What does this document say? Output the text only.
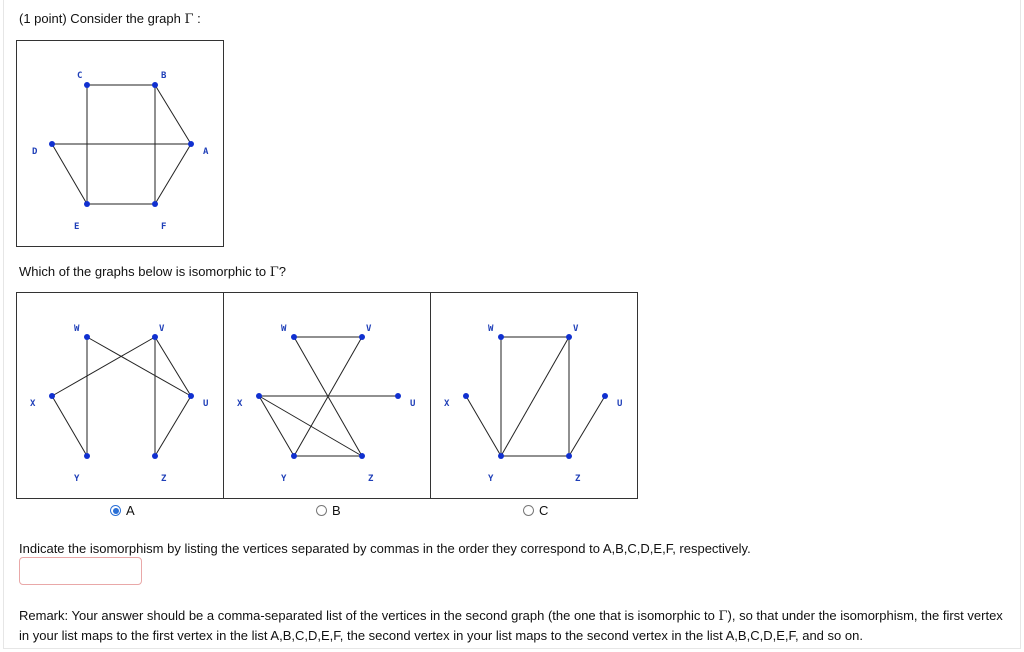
(1 point) Consider the graph Γ :
C	B
D	A
E	F
Which of the graphs below is isomorphic to Γ?
W	V
X	U
Y	Z
W	V
X	U
Y	Z
W	V
X	U
Y	Z
A	B	C
Indicate the isomorphism by listing the vertices separated by commas in the order they correspond to A,B,C,D,E,F, respectively.
Remark: Your answer should be a comma-separated list of the vertices in the second graph (the one that is isomorphic to Γ), so that under the isomorphism, the first vertex in your list maps to the first vertex in the list A,B,C,D,E,F, the second vertex in your list maps to the second vertex in the list A,B,C,D,E,F, and so on.
